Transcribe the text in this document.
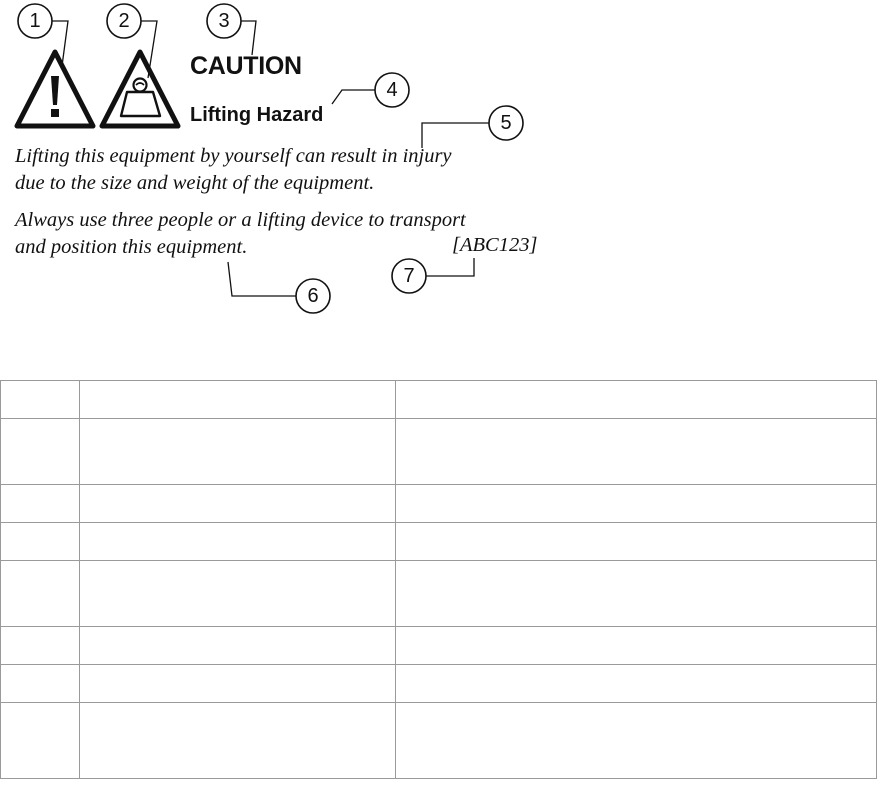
1	2	3
4
5
6
7
CAUTION
Lifting Hazard

Lifting this equipment by yourself can result in injury
due to the size and weight of the equipment.

Always use three people or a lifting device to transport
and position this equipment.	[ABC123]
